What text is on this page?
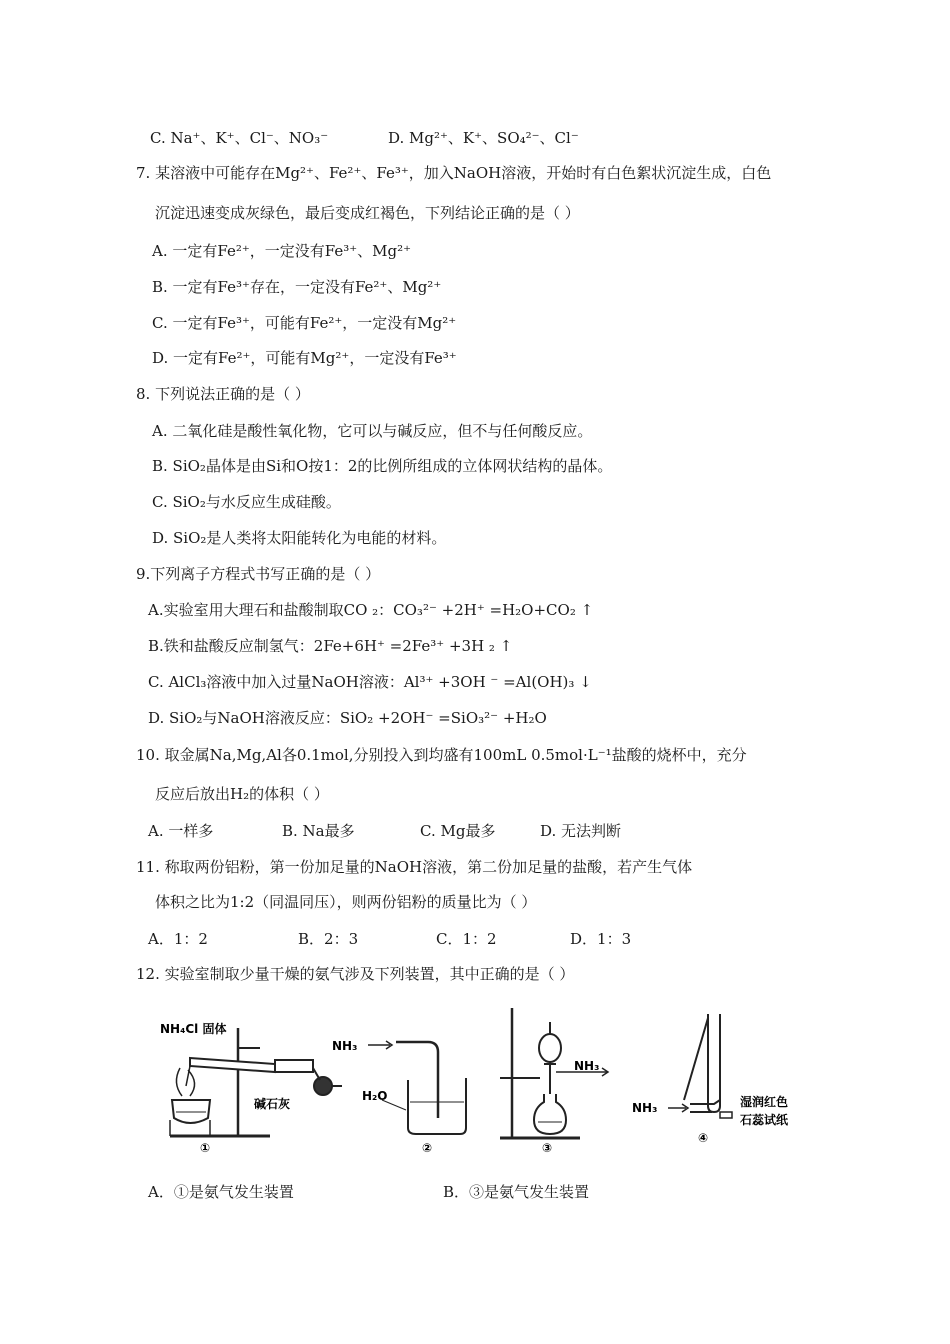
C. Na⁺、K⁺、Cl⁻、NO₃⁻	D. Mg²⁺、K⁺、SO₄²⁻、Cl⁻
7. 某溶液中可能存在Mg²⁺、Fe²⁺、Fe³⁺，加入NaOH溶液，开始时有白色絮状沉淀生成，白色
沉淀迅速变成灰绿色，最后变成红褐色，下列结论正确的是（ ）
A. 一定有Fe²⁺，一定没有Fe³⁺、Mg²⁺
B. 一定有Fe³⁺存在，一定没有Fe²⁺、Mg²⁺
C. 一定有Fe³⁺，可能有Fe²⁺，一定没有Mg²⁺
D. 一定有Fe²⁺，可能有Mg²⁺，一定没有Fe³⁺
8. 下列说法正确的是（ ）
A. 二氧化硅是酸性氧化物，它可以与碱反应，但不与任何酸反应。
B. SiO₂晶体是由Si和O按1：2的比例所组成的立体网状结构的晶体。
C. SiO₂与水反应生成硅酸。
D. SiO₂是人类将太阳能转化为电能的材料。
9.下列离子方程式书写正确的是（ ）
A.实验室用大理石和盐酸制取CO ₂：CO₃²⁻ +2H⁺ =H₂O+CO₂ ↑
B.铁和盐酸反应制氢气：2Fe+6H⁺ =2Fe³⁺ +3H ₂ ↑
C. AlCl₃溶液中加入过量NaOH溶液：Al³⁺ +3OH ⁻ =Al(OH)₃ ↓
D. SiO₂与NaOH溶液反应：SiO₂ +2OH⁻ =SiO₃²⁻ +H₂O
10. 取金属Na,Mg,Al各0.1mol,分别投入到均盛有100mL 0.5mol·L⁻¹盐酸的烧杯中，充分
反应后放出H₂的体积（ ）
A. 一样多	B. Na最多	C. Mg最多	D. 无法判断
11. 称取两份铝粉，第一份加足量的NaOH溶液，第二份加足量的盐酸，若产生气体
体积之比为1:2（同温同压），则两份铝粉的质量比为（ ）
A．1：2	B．2：3	C．1：2	D．1：3
12. 实验室制取少量干燥的氨气涉及下列装置，其中正确的是（ ）
NH₄Cl 固体
碱石灰
NH₃
H₂O
NH₃
NH₃	湿润红色
石蕊试纸
①	②	③
④
A．①是氨气发生装置	B．③是氨气发生装置
